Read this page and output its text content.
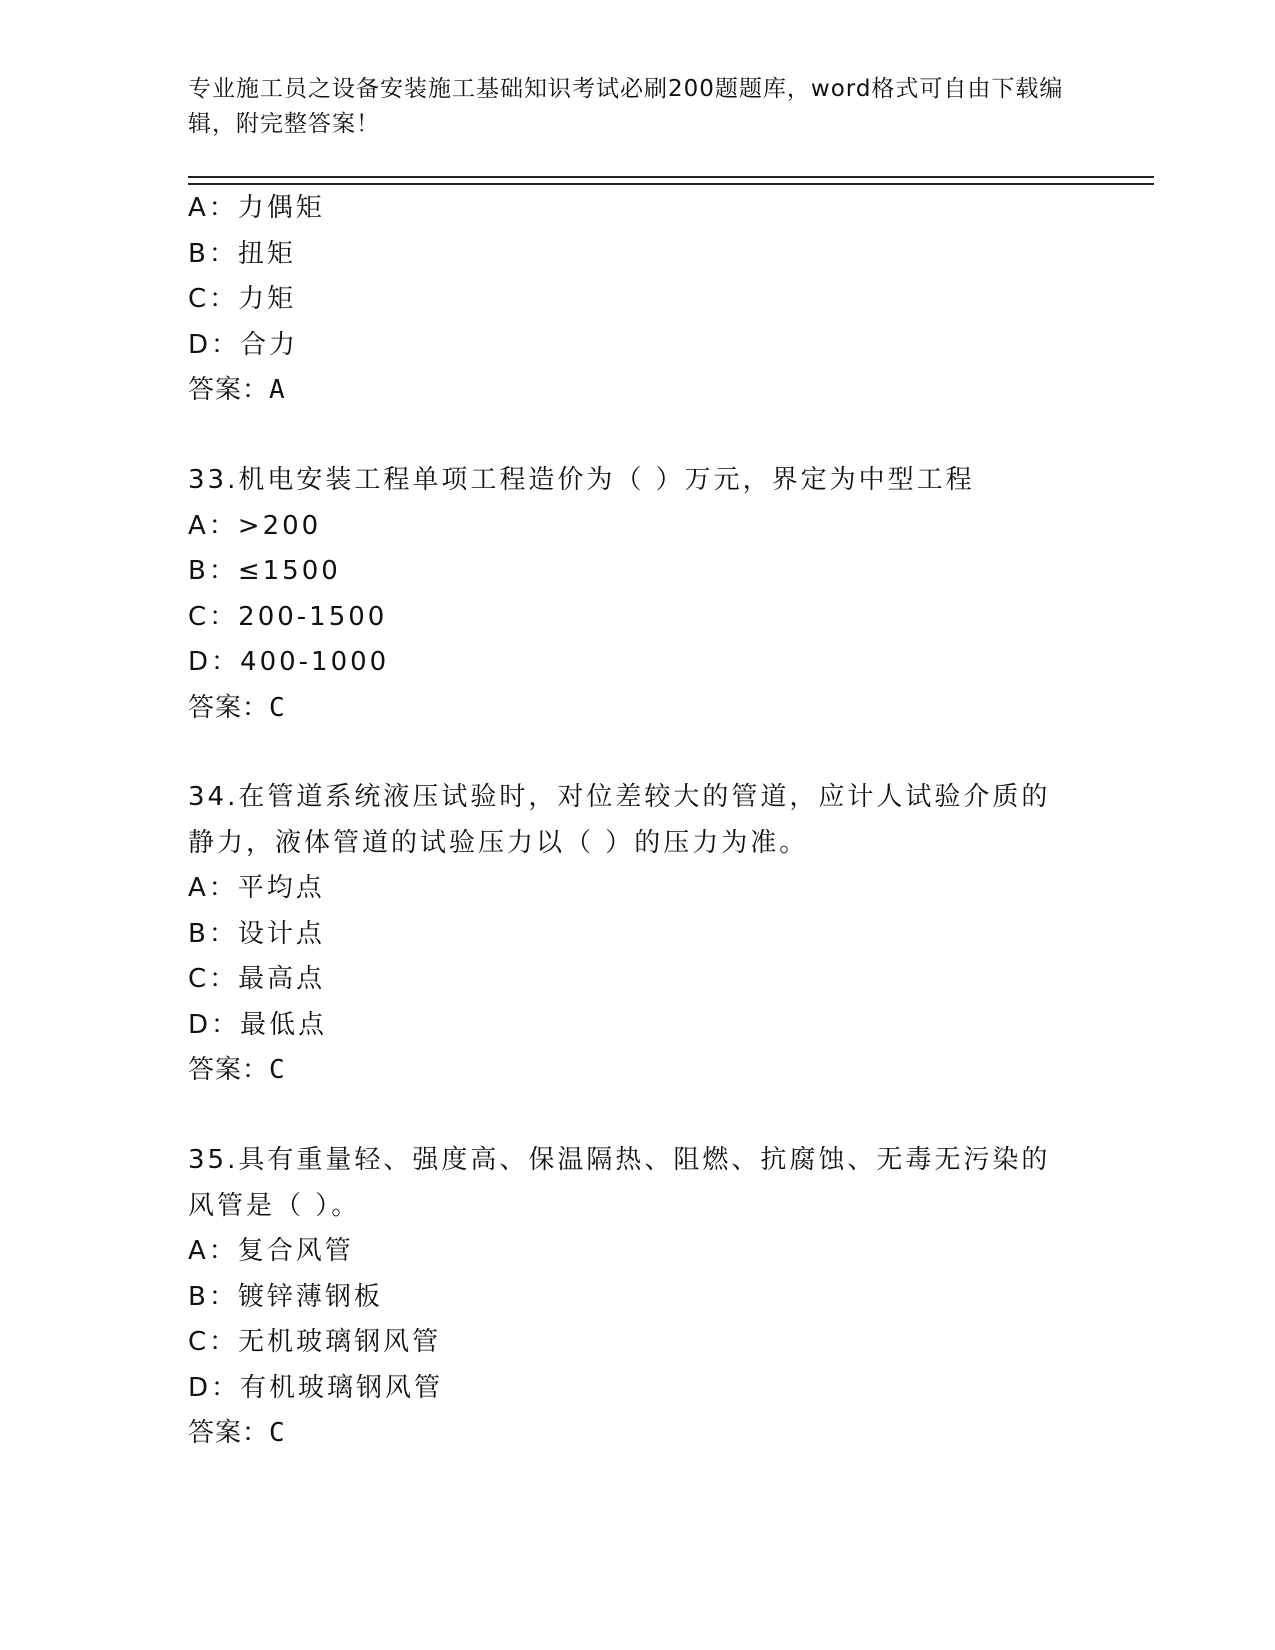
专业施工员之设备安装施工基础知识考试必刷200题题库，word格式可自由下载编辑，附完整答案！
A：力偶矩
B：扭矩
C：力矩
D：合力
答案：A
33.机电安装工程单项工程造价为（ ）万元，界定为中型工程
A：>200
B：≤1500
C：200-1500
D：400-1000
答案：C
34.在管道系统液压试验时，对位差较大的管道，应计人试验介质的静力，液体管道的试验压力以（ ）的压力为准。
A：平均点
B：设计点
C：最高点
D：最低点
答案：C
35.具有重量轻、强度高、保温隔热、阻燃、抗腐蚀、无毒无污染的风管是（ ）。
A：复合风管
B：镀锌薄钢板
C：无机玻璃钢风管
D：有机玻璃钢风管
答案：C
